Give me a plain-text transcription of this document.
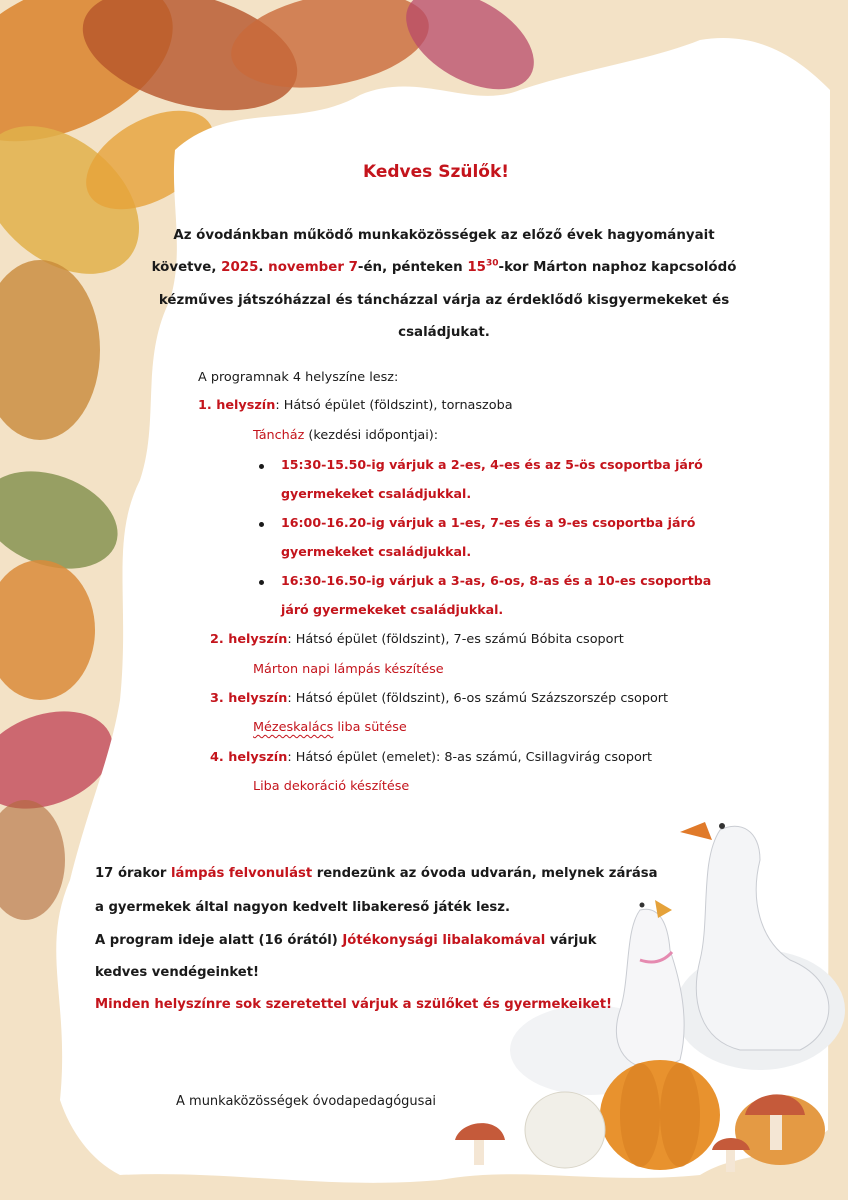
Kedves Szülők!
Az óvodánkban működő munkaközösségek az előző évek hagyományait
követve, 2025. november 7-én, pénteken $15^{30}$-kor Márton naphoz kapcsolódó
kézműves játszóházzal és táncházzal várja az érdeklődő kisgyermekeket és
családjukat.
A programnak 4 helyszíne lesz:
1. helyszín: Hátsó épület (földszint), tornaszoba
Táncház (kezdési időpontjai):
15:30-15.50-ig várjuk a 2-es, 4-es és az 5-ös csoportba járó
gyermekeket családjukkal.
16:00-16.20-ig várjuk a 1-es, 7-es és a 9-es csoportba járó
gyermekeket családjukkal.
16:30-16.50-ig várjuk a 3-as, 6-os, 8-as és a 10-es csoportba
járó gyermekeket családjukkal.
2. helyszín: Hátsó épület (földszint), 7-es számú Bóbita csoport
Márton napi lámpás készítése
3. helyszín: Hátsó épület (földszint), 6-os számú Százszorszép csoport
Mézeskalács liba sütése
4. helyszín: Hátsó épület (emelet): 8-as számú, Csillagvirág csoport
Liba dekoráció készítése
17 órakor lámpás felvonulást rendezünk az óvoda udvarán, melynek zárása
a gyermekek által nagyon kedvelt libakereső játék lesz.
A program ideje alatt (16 órától) Jótékonysági libalakomával várjuk
kedves vendégeinket!
Minden helyszínre sok szeretettel várjuk a szülőket és gyermekeiket!
A munkaközösségek óvodapedagógusai
